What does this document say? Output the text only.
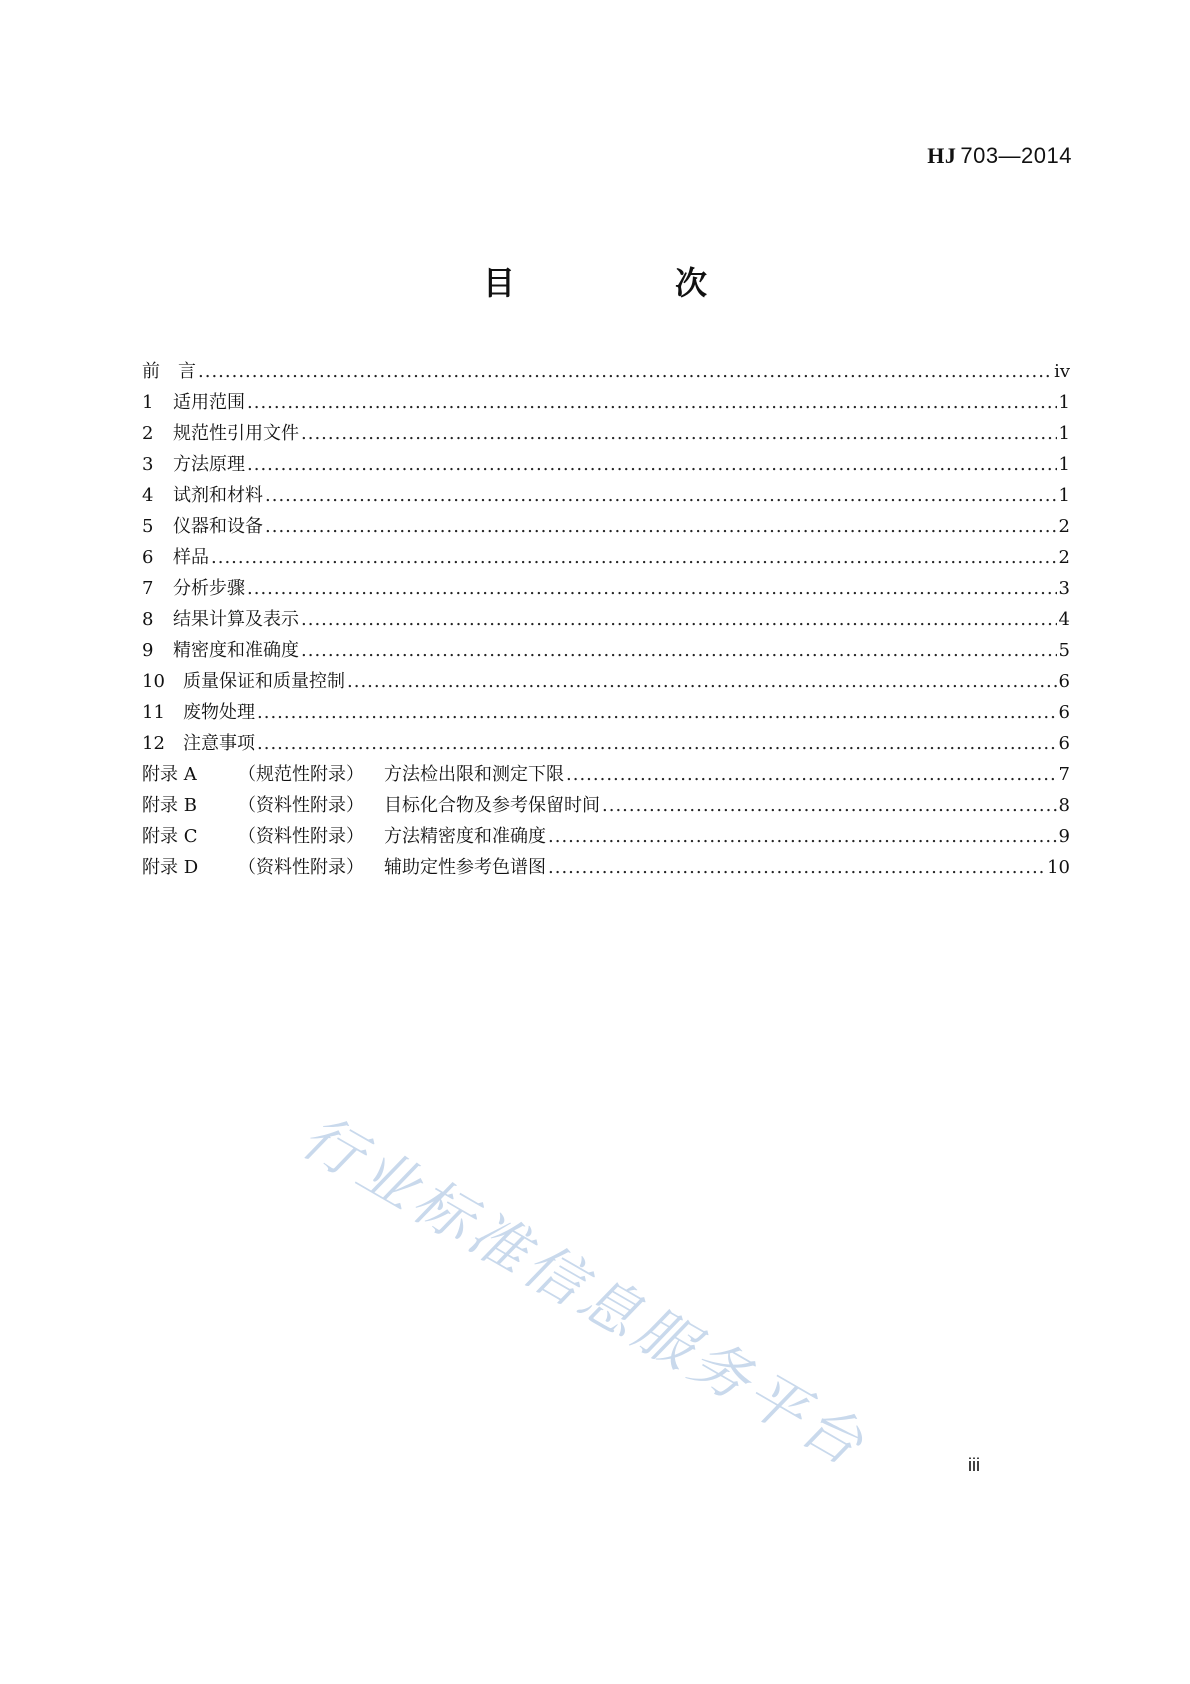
HJ 703—2014
目　次
前　言 .....	iv
1	适用范围 .....	1
2	规范性引用文件 .....	1
3	方法原理 .....	1
4	试剂和材料 .....	1
5	仪器和设备 .....	2
6	样品 .....	2
7	分析步骤 .....	3
8	结果计算及表示 .....	4
9	精密度和准确度 .....	5
10	质量保证和质量控制 .....	6
11	废物处理 .....	6
12	注意事项 .....	6
附录 A	（规范性附录）	方法检出限和测定下限 .....	7
附录 B	（资料性附录）	目标化合物及参考保留时间 .....	8
附录 C	（资料性附录）	方法精密度和准确度 .....	9
附录 D	（资料性附录）	辅助定性参考色谱图 .....	10
行业标准信息服务平台	iii
